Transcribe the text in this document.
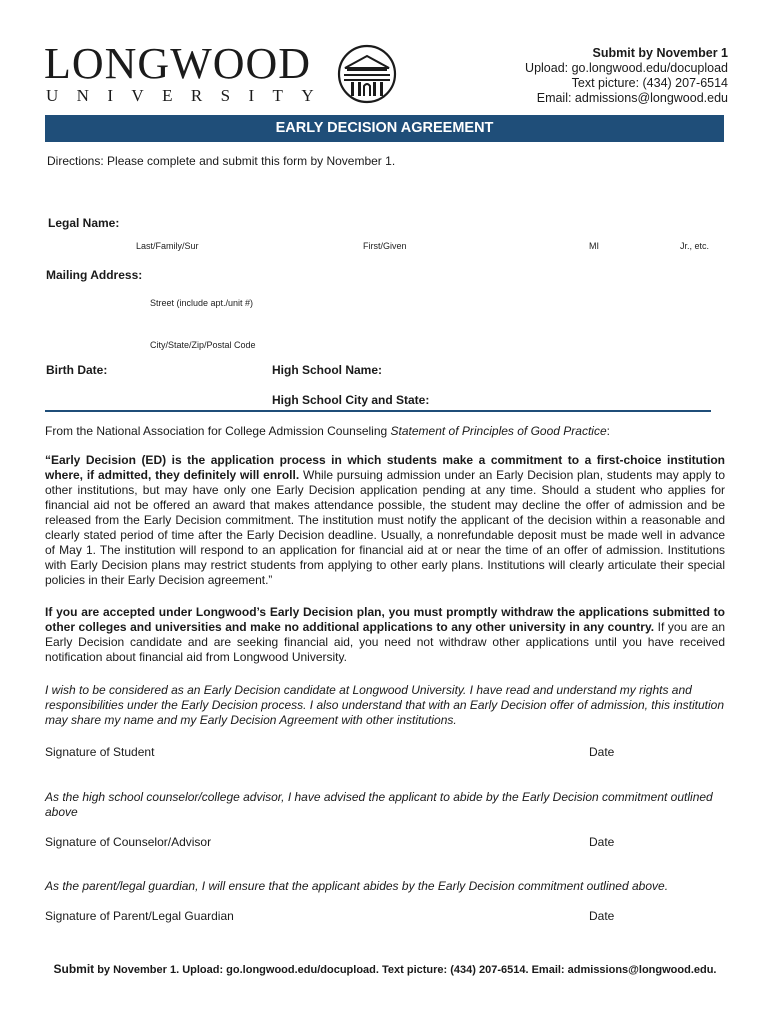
LONGWOOD
UNIVERSITY
Submit by November 1
Upload: go.longwood.edu/docupload
Text picture: (434) 207-6514
Email: admissions@longwood.edu
EARLY DECISION AGREEMENT
Directions: Please complete and submit this form by November 1.
Legal Name:
Last/Family/Sur	First/Given	MI	Jr., etc.
Mailing Address:
Street (include apt./unit #)
City/State/Zip/Postal Code
Birth Date:	High School Name:
High School City and State:
From the National Association for College Admission Counseling Statement of Principles of Good Practice:
“Early Decision (ED) is the application process in which students make a commitment to a first-choice institution where, if admitted, they definitely will enroll. While pursuing admission under an Early Decision plan, students may apply to other institutions, but may have only one Early Decision application pending at any time. Should a student who applies for financial aid not be offered an award that makes attendance possible, the student may decline the offer of admission and be released from the Early Decision commitment. The institution must notify the applicant of the decision within a reasonable and clearly stated period of time after the Early Decision deadline. Usually, a nonrefundable deposit must be made well in advance of May 1. The institution will respond to an application for financial aid at or near the time of an offer of admission. Institutions with Early Decision plans may restrict students from applying to other early plans. Institutions will clearly articulate their special policies in their Early Decision agreement.”
If you are accepted under Longwood’s Early Decision plan, you must promptly withdraw the applications submitted to other colleges and universities and make no additional applications to any other university in any country. If you are an Early Decision candidate and are seeking financial aid, you need not withdraw other applications until you have received notification about financial aid from Longwood University.
I wish to be considered as an Early Decision candidate at Longwood University. I have read and understand my rights and responsibilities under the Early Decision process. I also understand that with an Early Decision offer of admission, this institution may share my name and my Early Decision Agreement with other institutions.
Signature of Student	Date
As the high school counselor/college advisor, I have advised the applicant to abide by the Early Decision commitment outlined above
Signature of Counselor/Advisor	Date
As the parent/legal guardian, I will ensure that the applicant abides by the Early Decision commitment outlined above.
Signature of Parent/Legal Guardian	Date
Submit by November 1. Upload: go.longwood.edu/docupload. Text picture: (434) 207-6514. Email: admissions@longwood.edu.
